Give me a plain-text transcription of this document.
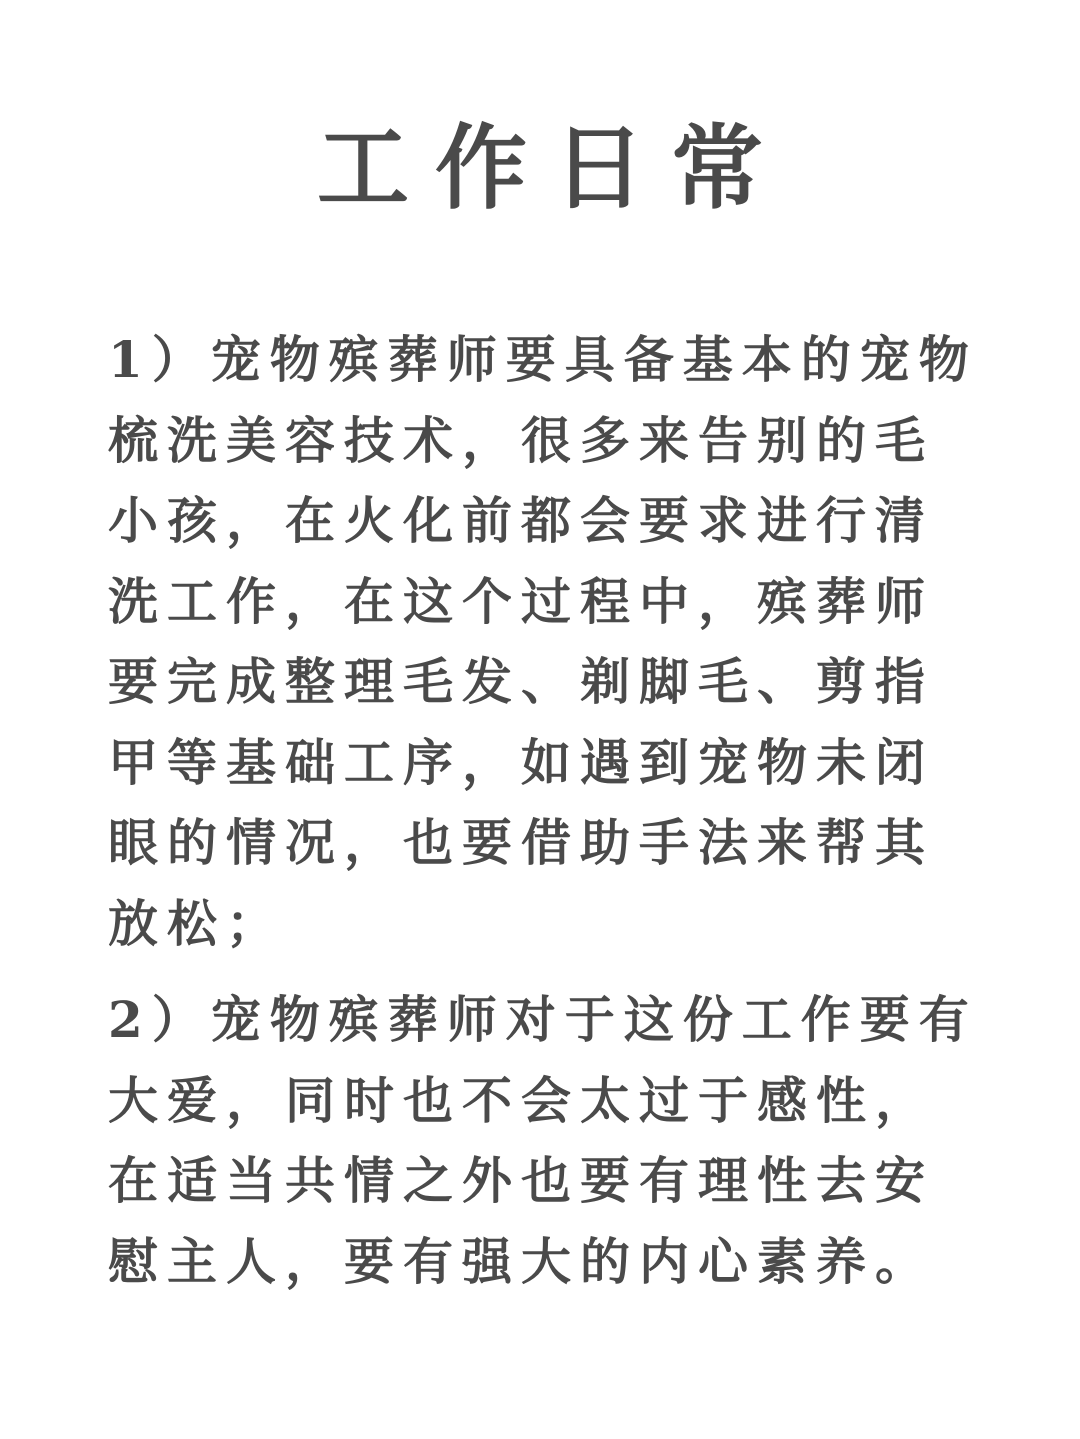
工作日常
1）宠物殡葬师要具备基本的宠物
梳洗美容技术，很多来告别的毛
小孩，在火化前都会要求进行清
洗工作，在这个过程中，殡葬师
要完成整理毛发、剃脚毛、剪指
甲等基础工序，如遇到宠物未闭
眼的情况，也要借助手法来帮其
放松；
2）宠物殡葬师对于这份工作要有
大爱，同时也不会太过于感性，
在适当共情之外也要有理性去安
慰主人，要有强大的内心素养。
